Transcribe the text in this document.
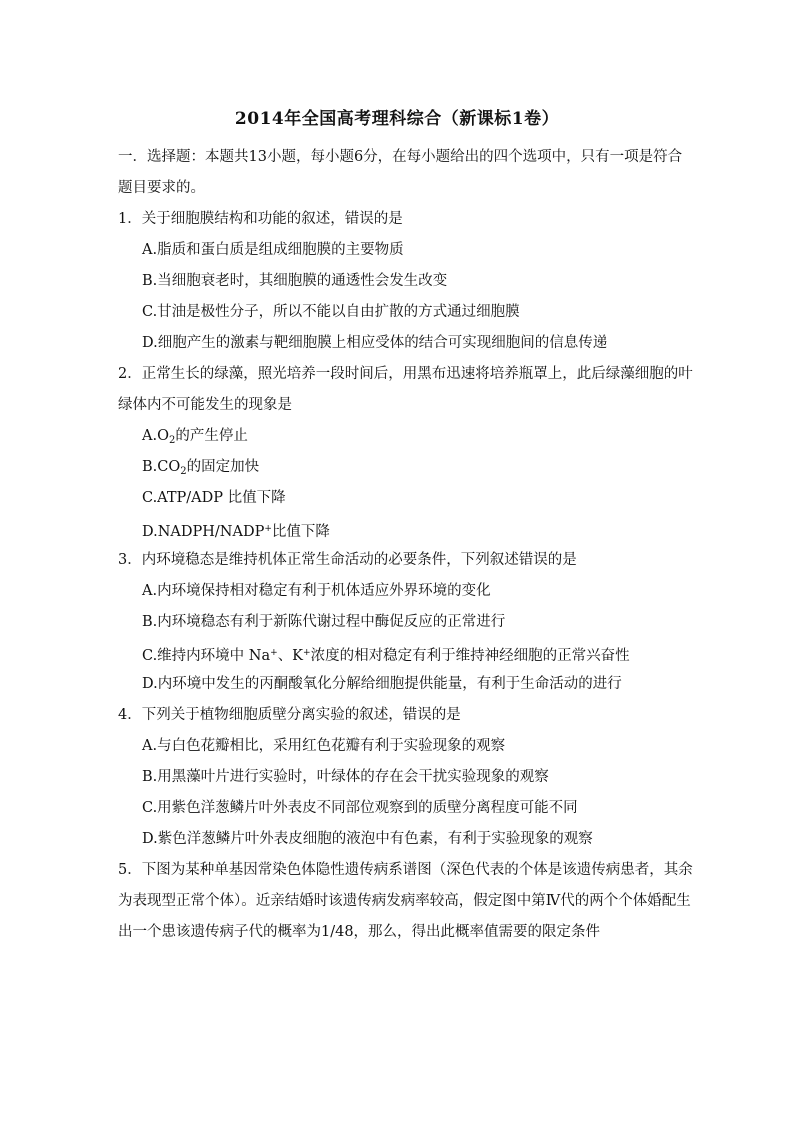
2014年全国高考理科综合（新课标1卷）
一．选择题：本题共13小题，每小题6分，在每小题给出的四个选项中，只有一项是符合
题目要求的。
1．关于细胞膜结构和功能的叙述，错误的是
A.脂质和蛋白质是组成细胞膜的主要物质
B.当细胞衰老时，其细胞膜的通透性会发生改变
C.甘油是极性分子，所以不能以自由扩散的方式通过细胞膜
D.细胞产生的激素与靶细胞膜上相应受体的结合可实现细胞间的信息传递
2．正常生长的绿藻，照光培养一段时间后，用黑布迅速将培养瓶罩上，此后绿藻细胞的叶
绿体内不可能发生的现象是
$A.O_2$的产生停止
$B.CO_2$的固定加快
C.ATP/ADP 比值下降
D.NADPH/NADP+比值下降
3．内环境稳态是维持机体正常生命活动的必要条件，下列叙述错误的是
A.内环境保持相对稳定有利于机体适应外界环境的变化
B.内环境稳态有利于新陈代谢过程中酶促反应的正常进行
C.维持内环境中 Na+、K+浓度的相对稳定有利于维持神经细胞的正常兴奋性
D.内环境中发生的丙酮酸氧化分解给细胞提供能量，有利于生命活动的进行
4．下列关于植物细胞质壁分离实验的叙述，错误的是
A.与白色花瓣相比，采用红色花瓣有利于实验现象的观察
B.用黑藻叶片进行实验时，叶绿体的存在会干扰实验现象的观察
C.用紫色洋葱鳞片叶外表皮不同部位观察到的质壁分离程度可能不同
D.紫色洋葱鳞片叶外表皮细胞的液泡中有色素，有利于实验现象的观察
5．下图为某种单基因常染色体隐性遗传病系谱图（深色代表的个体是该遗传病患者，其余
为表现型正常个体）。近亲结婚时该遗传病发病率较高，假定图中第Ⅳ代的两个个体婚配生
出一个患该遗传病子代的概率为1/48，那么，得出此概率值需要的限定条件
